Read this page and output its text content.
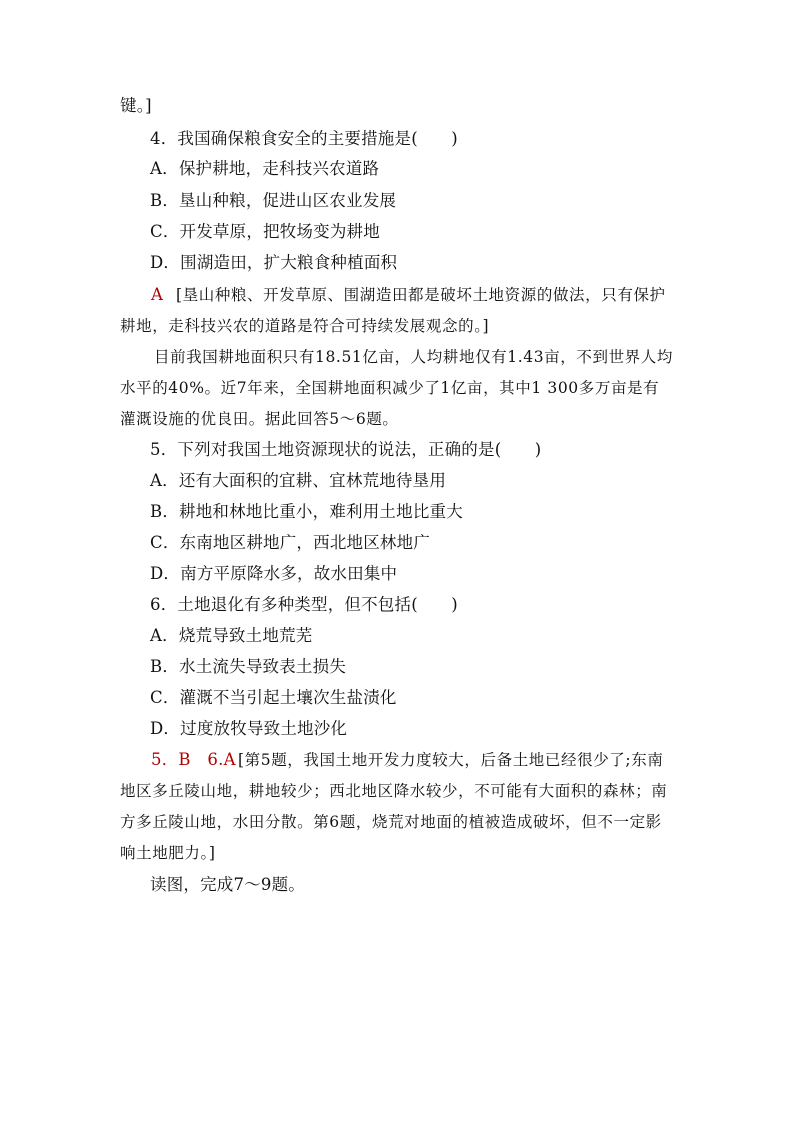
键。]
4．我国确保粮食安全的主要措施是(　　)
A．保护耕地，走科技兴农道路
B．垦山种粮，促进山区农业发展
C．开发草原，把牧场变为耕地
D．围湖造田，扩大粮食种植面积
A [垦山种粮、开发草原、围湖造田都是破坏土地资源的做法，只有保护
耕地，走科技兴农的道路是符合可持续发展观念的。]
目前我国耕地面积只有18.51亿亩，人均耕地仅有1.43亩，不到世界人均
水平的40%。近7年来，全国耕地面积减少了1亿亩，其中1 300多万亩是有
灌溉设施的优良田。据此回答5～6题。
5．下列对我国土地资源现状的说法，正确的是(　　)
A．还有大面积的宜耕、宜林荒地待垦用
B．耕地和林地比重小，难利用土地比重大
C．东南地区耕地广，西北地区林地广
D．南方平原降水多，故水田集中
6．土地退化有多种类型，但不包括(　　)
A．烧荒导致土地荒芜
B．水土流失导致表土损失
C．灌溉不当引起土壤次生盐渍化
D．过度放牧导致土地沙化
5．B　6.A [第5题，我国土地开发力度较大，后备土地已经很少了;东南
地区多丘陵山地，耕地较少；西北地区降水较少，不可能有大面积的森林；南
方多丘陵山地，水田分散。第6题，烧荒对地面的植被造成破坏，但不一定影
响土地肥力。]
读图，完成7～9题。
